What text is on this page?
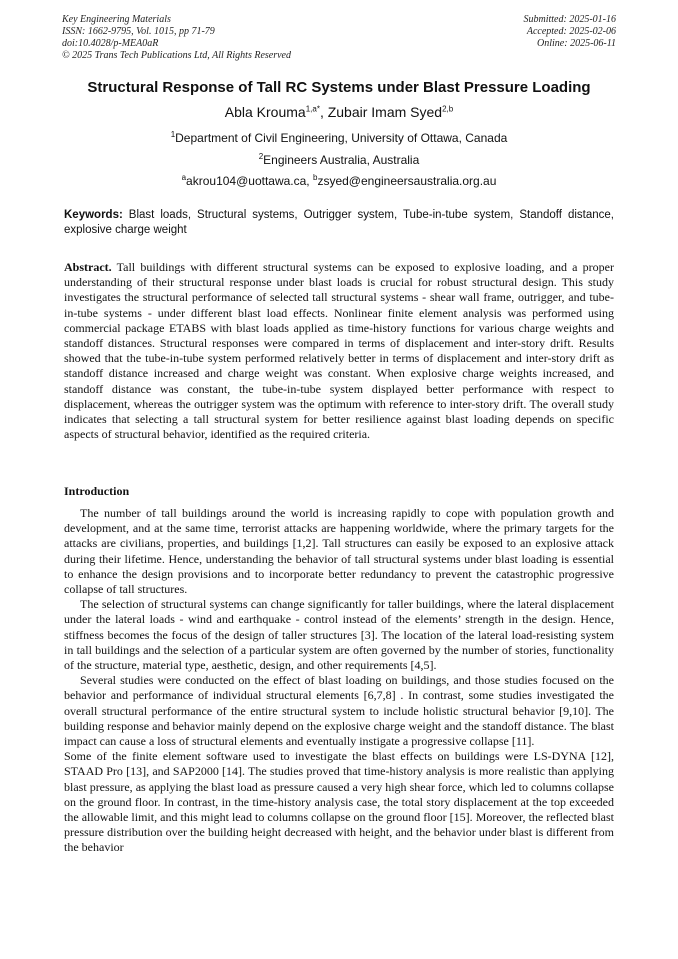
Key Engineering Materials
ISSN: 1662-9795, Vol. 1015, pp 71-79
doi:10.4028/p-MEA0aR
© 2025 Trans Tech Publications Ltd, All Rights Reserved
Submitted: 2025-01-16
Accepted: 2025-02-06
Online: 2025-06-11
Structural Response of Tall RC Systems under Blast Pressure Loading
Abla Krouma$^{1,a*}$, Zubair Imam Syed$^{2,b}$
$^1$Department of Civil Engineering, University of Ottawa, Canada
$^2$Engineers Australia, Australia
$^a$akrou104@uottawa.ca, $^b$zsyed@engineersaustralia.org.au
Keywords: Blast loads, Structural systems, Outrigger system, Tube-in-tube system, Standoff distance, explosive charge weight
Abstract. Tall buildings with different structural systems can be exposed to explosive loading, and a proper understanding of their structural response under blast loads is crucial for robust structural design. This study investigates the structural performance of selected tall structural systems - shear wall frame, outrigger, and tube-in-tube systems - under different blast load effects. Nonlinear finite element analysis was performed using commercial package ETABS with blast loads applied as time-history functions for various charge weights and standoff distances. Structural responses were compared in terms of displacement and inter-story drift. Results showed that the tube-in-tube system performed relatively better in terms of displacement and inter-story drift as standoff distance increased and charge weight was constant. When explosive charge weights increased, and standoff distance was constant, the tube-in-tube system displayed better performance with respect to displacement, whereas the outrigger system was the optimum with reference to inter-story drift. The overall study indicates that selecting a tall structural system for better resilience against blast loading depends on specific aspects of structural behavior, identified as the required criteria.
Introduction

The number of tall buildings around the world is increasing rapidly to cope with population growth and development, and at the same time, terrorist attacks are happening worldwide, where the primary targets for the attacks are civilians, properties, and buildings [1,2]. Tall structures can easily be exposed to an explosive attack during their lifetime. Hence, understanding the behavior of tall structural systems under blast loading is essential to enhance the design provisions and to incorporate better redundancy to prevent the catastrophic progressive collapse of tall structures.

The selection of structural systems can change significantly for taller buildings, where the lateral displacement under the lateral loads - wind and earthquake - control instead of the elements’ strength in the design. Hence, stiffness becomes the focus of the design of taller structures [3]. The location of the lateral load-resisting system in tall buildings and the selection of a particular system are often governed by the number of stories, functionality of the structure, material type, aesthetic, design, and other requirements [4,5].

Several studies were conducted on the effect of blast loading on buildings, and those studies focused on the behavior and performance of individual structural elements [6,7,8] . In contrast, some studies investigated the overall structural performance of the entire structural system to include holistic structural behavior [9,10]. The building response and behavior mainly depend on the explosive charge weight and the standoff distance. The blast impact can cause a loss of structural elements and eventually instigate a progressive collapse [11].

Some of the finite element software used to investigate the blast effects on buildings were LS-DYNA [12], STAAD Pro [13], and SAP2000 [14]. The studies proved that time-history analysis is more realistic than applying blast pressure, as applying the blast load as pressure caused a very high shear force, which led to columns collapse on the ground floor. In contrast, in the time-history analysis case, the total story displacement at the top exceeded the allowable limit, and this might lead to columns collapse on the ground floor [15]. Moreover, the reflected blast pressure distribution over the building height decreased with height, and the behavior under blast is different from the behavior
